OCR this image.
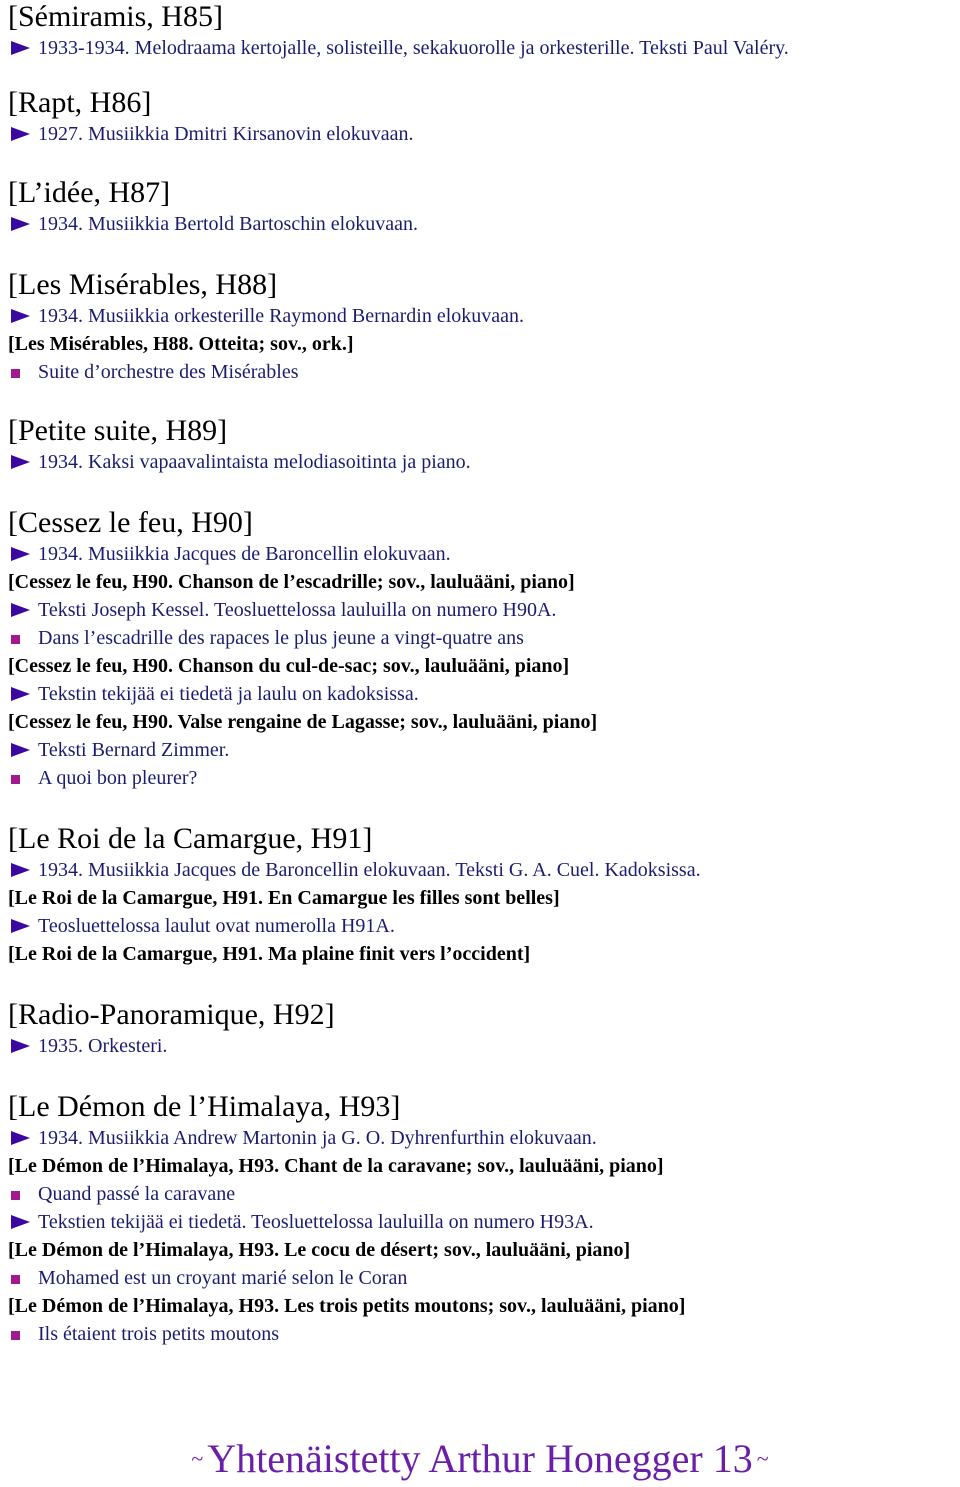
[Sémiramis, H85]
1933-1934. Melodraama kertojalle, solisteille, sekakuorolle ja orkesterille. Teksti Paul Valéry.
[Rapt, H86]
1927. Musiikkia Dmitri Kirsanovin elokuvaan.
[L’idée, H87]
1934. Musiikkia Bertold Bartoschin elokuvaan.
[Les Misérables, H88]
1934. Musiikkia orkesterille Raymond Bernardin elokuvaan.
[Les Misérables, H88. Otteita; sov., ork.]
Suite d’orchestre des Misérables
[Petite suite, H89]
1934. Kaksi vapaavalintaista melodiasoitinta ja piano.
[Cessez le feu, H90]
1934. Musiikkia Jacques de Baroncellin elokuvaan.
[Cessez le feu, H90. Chanson de l’escadrille; sov., lauluääni, piano]
Teksti Joseph Kessel. Teosluettelossa lauluilla on numero H90A.
Dans l’escadrille des rapaces le plus jeune a vingt-quatre ans
[Cessez le feu, H90. Chanson du cul-de-sac; sov., lauluääni, piano]
Tekstin tekijää ei tiedetä ja laulu on kadoksissa.
[Cessez le feu, H90. Valse rengaine de Lagasse; sov., lauluääni, piano]
Teksti Bernard Zimmer.
A quoi bon pleurer?
[Le Roi de la Camargue, H91]
1934. Musiikkia Jacques de Baroncellin elokuvaan. Teksti G. A. Cuel. Kadoksissa.
[Le Roi de la Camargue, H91. En Camargue les filles sont belles]
Teosluettelossa laulut ovat numerolla H91A.
[Le Roi de la Camargue, H91. Ma plaine finit vers l’occident]
[Radio-Panoramique, H92]
1935. Orkesteri.
[Le Démon de l’Himalaya, H93]
1934. Musiikkia Andrew Martonin ja G. O. Dyhrenfurthin elokuvaan.
[Le Démon de l’Himalaya, H93. Chant de la caravane; sov., lauluääni, piano]
Quand passé la caravane
Tekstien tekijää ei tiedetä. Teosluettelossa lauluilla on numero H93A.
[Le Démon de l’Himalaya, H93. Le cocu de désert; sov., lauluääni, piano]
Mohamed est un croyant marié selon le Coran
[Le Démon de l’Himalaya, H93. Les trois petits moutons; sov., lauluääni, piano]
Ils étaient trois petits moutons
~ Yhtenäistetty Arthur Honegger 13 ~
